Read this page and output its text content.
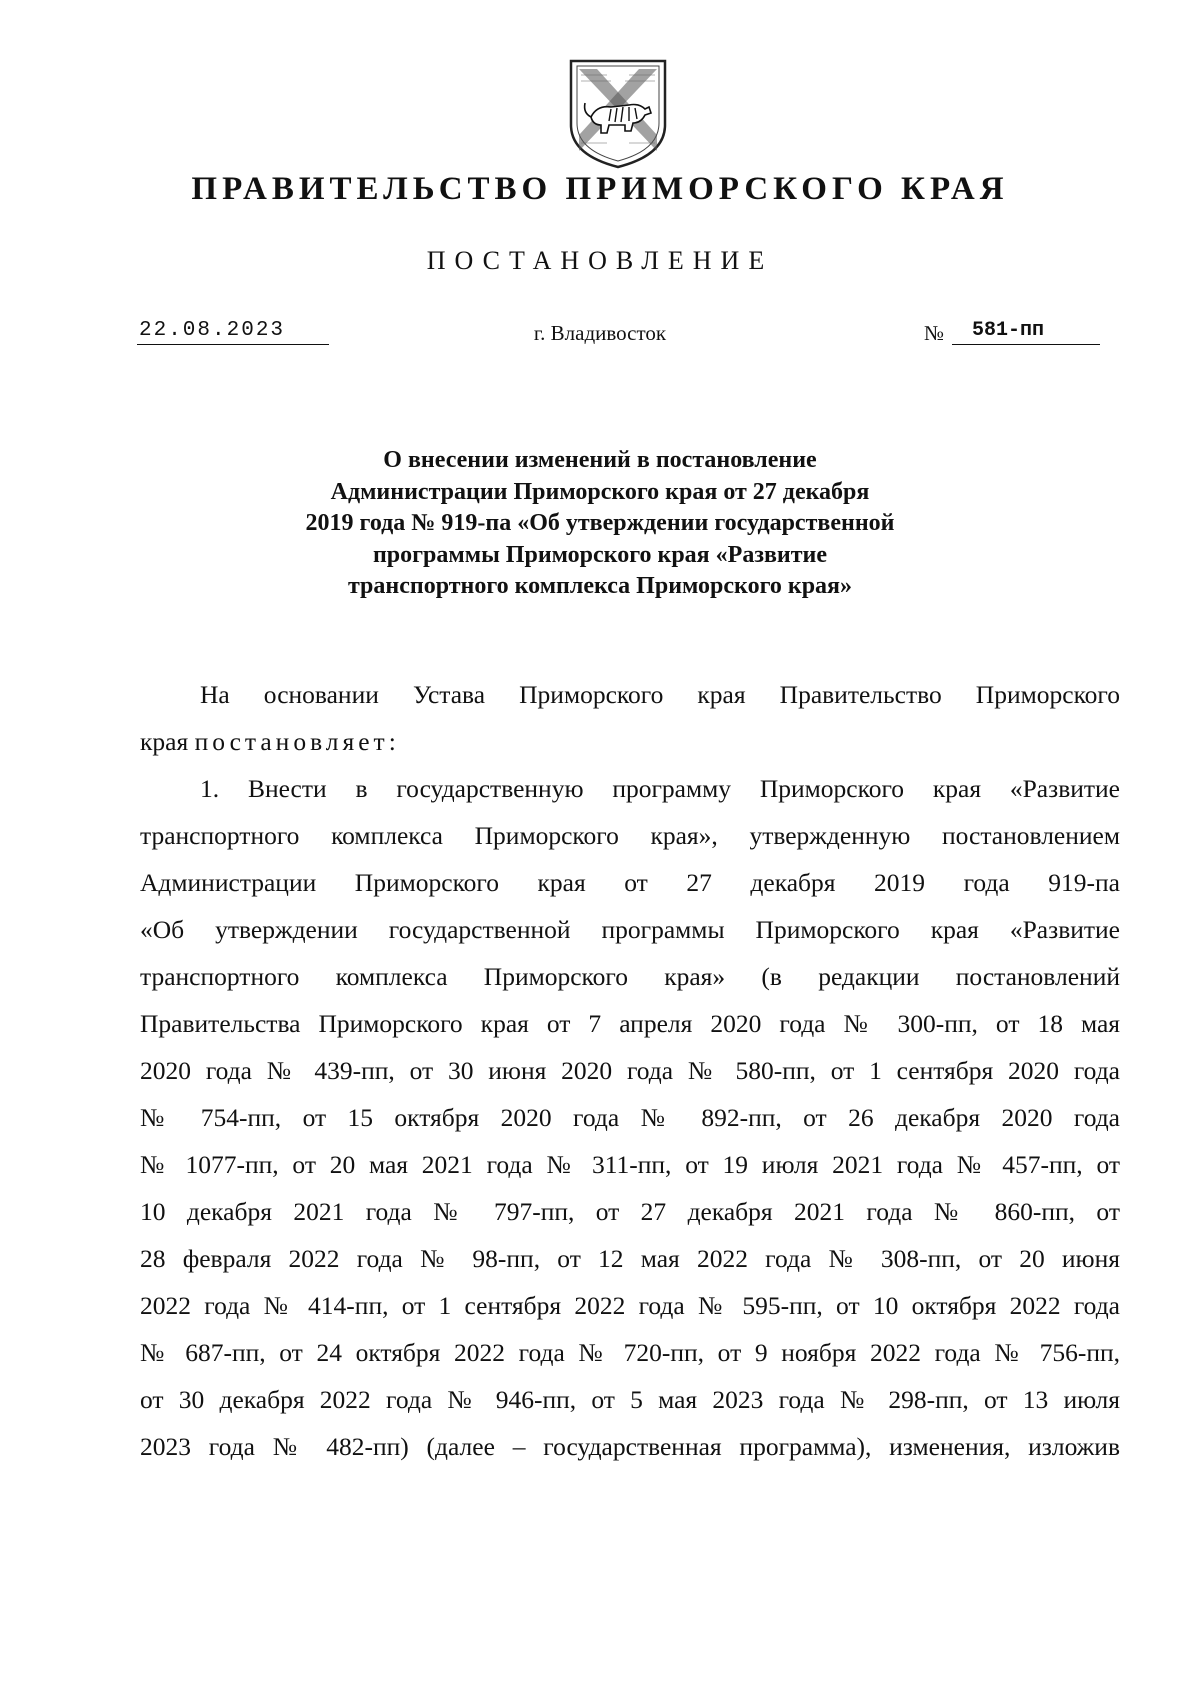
ПРАВИТЕЛЬСТВО ПРИМОРСКОГО КРАЯ
ПОСТАНОВЛЕНИЕ
22.08.2023	г. Владивосток	№	581-пп
О внесении изменений в постановление
Администрации Приморского края от 27 декабря
2019 года № 919-па «Об утверждении государственной
программы Приморского края «Развитие
транспортного комплекса Приморского края»
На основании Устава Приморского края Правительство Приморского
края постановляет:
1. Внести в государственную программу Приморского края «Развитие
транспортного комплекса Приморского края», утвержденную постановлением
Администрации Приморского края от 27 декабря 2019 года 919-па
«Об утверждении государственной программы Приморского края «Развитие
транспортного комплекса Приморского края» (в редакции постановлений
Правительства Приморского края от 7 апреля 2020 года № 300-пп, от 18 мая
2020 года № 439-пп, от 30 июня 2020 года № 580-пп, от 1 сентября 2020 года
№ 754-пп, от 15 октября 2020 года № 892-пп, от 26 декабря 2020 года
№ 1077-пп, от 20 мая 2021 года № 311-пп, от 19 июля 2021 года № 457-пп, от
10 декабря 2021 года № 797-пп, от 27 декабря 2021 года № 860-пп, от
28 февраля 2022 года № 98-пп, от 12 мая 2022 года № 308-пп, от 20 июня
2022 года № 414-пп, от 1 сентября 2022 года № 595-пп, от 10 октября 2022 года
№ 687-пп, от 24 октября 2022 года № 720-пп, от 9 ноября 2022 года № 756-пп,
от 30 декабря 2022 года № 946-пп, от 5 мая 2023 года № 298-пп, от 13 июля
2023 года № 482-пп) (далее – государственная программа), изменения, изложив
